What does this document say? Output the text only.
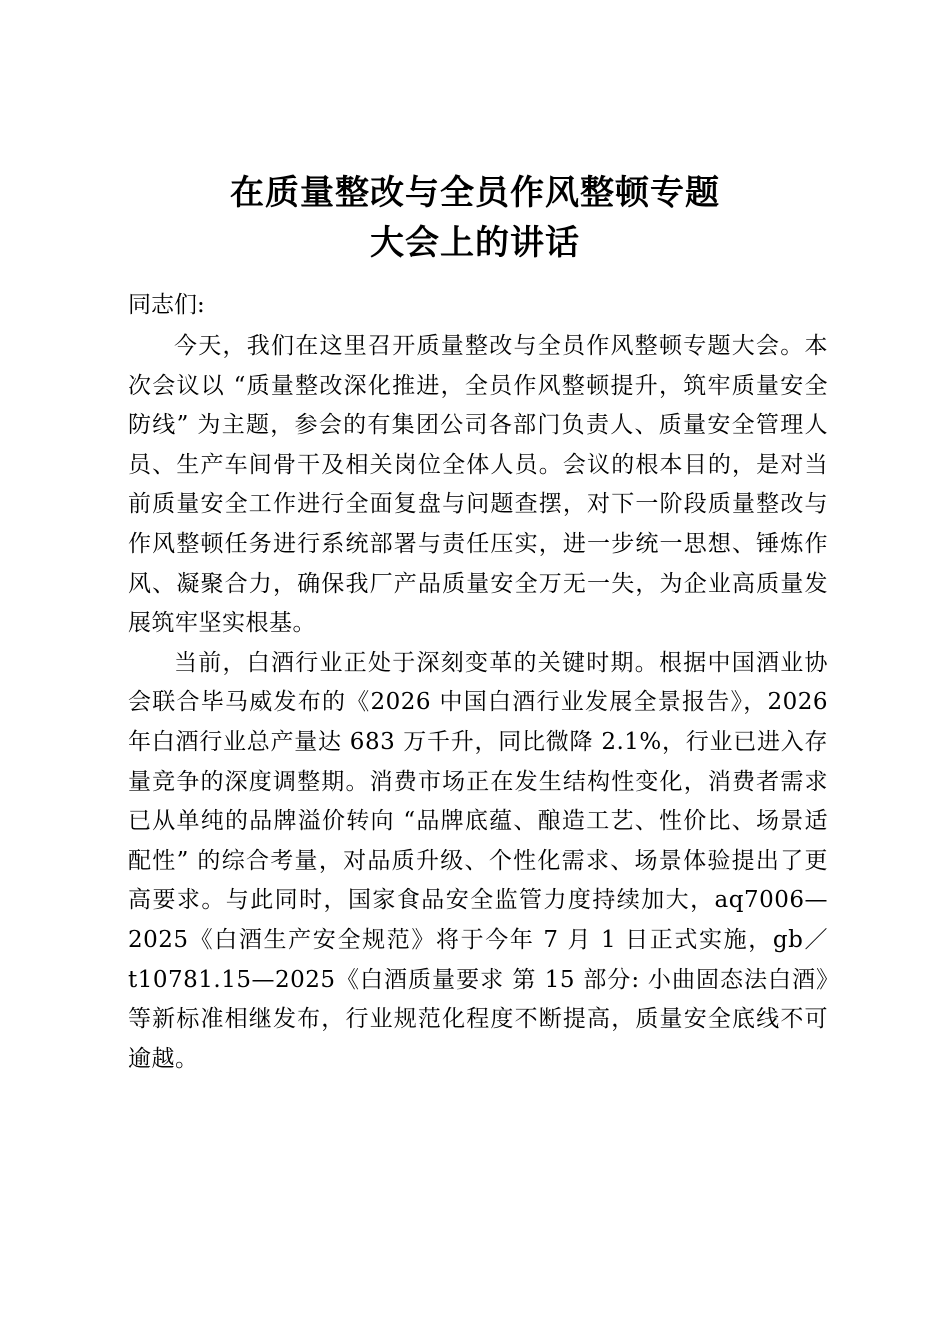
在质量整改与全员作风整顿专题
大会上的讲话
同志们:

今天，我们在这里召开质量整改与全员作风整顿专题大会。本次会议以 “质量整改深化推进，全员作风整顿提升，筑牢质量安全防线” 为主题，参会的有集团公司各部门负责人、质量安全管理人员、生产车间骨干及相关岗位全体人员。会议的根本目的，是对当前质量安全工作进行全面复盘与问题查摆，对下一阶段质量整改与作风整顿任务进行系统部署与责任压实，进一步统一思想、锤炼作风、凝聚合力，确保我厂产品质量安全万无一失，为企业高质量发展筑牢坚实根基。

当前，白酒行业正处于深刻变革的关键时期。根据中国酒业协会联合毕马威发布的《2026 中国白酒行业发展全景报告》，2026 年白酒行业总产量达 683 万千升，同比微降 2.1%，行业已进入存量竞争的深度调整期。消费市场正在发生结构性变化，消费者需求已从单纯的品牌溢价转向 “品牌底蕴、酿造工艺、性价比、场景适配性” 的综合考量，对品质升级、个性化需求、场景体验提出了更高要求。与此同时，国家食品安全监管力度持续加大，aq7006—2025《白酒生产安全规范》将于今年 7 月 1 日正式实施，gb／t10781.15—2025《白酒质量要求 第 15 部分: 小曲固态法白酒》等新标准相继发布，行业规范化程度不断提高，质量安全底线不可逾越。
